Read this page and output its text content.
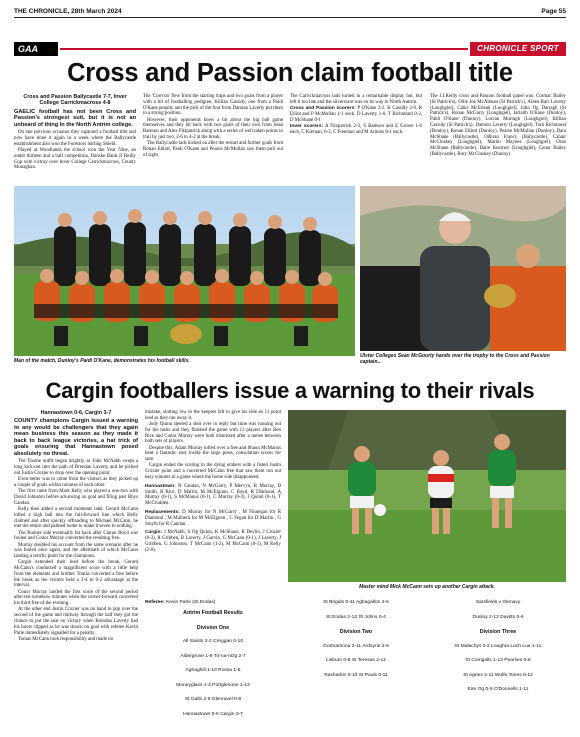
THE CHRONICLE, 28th March 2024	Page 55
GAA	CHRONICLE SPORT
Cross and Passion claim football title

Cross and Passion Ballycastle 7-7, Inver College Carrickmacross 4-8

GAELIC football has not been Cross and Passion's strongest suit, but it is not an unheard of thing in the North Antrim college.

On one previous occasion they captured a football title and now have done it again in a week where the Ballycastle establishment also won the Forestors hurling Shield.

Played at Woodlands the school won the Year Nine, an under thirteen and a half competition, Danske Bank JJ Reilly Cup with victory over Inver College Carrickmacross, County Monaghan.

The 'Corrcon' flew from the starting traps and two goals from a player with a bit of footballing pedigree, Killian Cassidy, one from a Paidi O'Kane penalty and the pick of the four from Damian Laverty put them in a strong position.

However, their opponents knew a bit about the big ball game themselves and they hit back with two goals of their own from Sean Bateson and Alex Fitzpatrick along with a series of well taken points to trail by just two, 2-6 to 4-2 at the break.

The Ballycastle lads kicked on after the restart and further goals from Ronan Elliott, Paidi O'Kane and Pearce McMullan saw them pull out of sight.

The Carrickmacross lads turned in a remarkable display but, but left it too late and the silverware was on its way to North Antrim.

Cross and Passion scorers: P O'Kane 2-2, K Cassidy 2-0, R Elliot and P McMullan 1-1 each, D Laverty 1-0, T Richmond 0-2, D McShane 0-1

Inver scorers: A Fitzpatrick 2-3, S Bateson and E Growe 1-0 each, C Kiernan, 0-3, C Freeman and M Armins 0-1 each.

The J.J.Reilly cross and Passion football panel was: Cormac Bailey (St Patrick's), Ollie Joe McAlenan (St Patrick's), Aiden Barr Laverty (Loughgiel), Cahir McErlean (Loughgiel), John Og Darragh (St Patrick's), Ronan McGarry (Loughgiel), Iarlaith O'Kane (Dunloy), Paidi O'Kane (Dunloy), Lorcan Murragh (Loughgiel), Killian Cassidy (St Patrick's), Damien Laverty (Loughgiel), Tom Richmond (Dunloy), Ronan Elliott (Dunloy), Pearse McMullan (Dunloy), Dara McShane (Ballycastle), Odhran Francy (Ballycastle), Cahair McCloskey (Loughgiel), Martin Maynes (Loughgiel), Oran McShane (Ballycastle), Daire Kearney (Loughgiel), Conor Bailey (Ballycastle), Rory McCloskey (Dunloy).

Man of the match, Dunloy's Paidi O'Kane, demonstrates his football skills.
Ulster Colleges Sean McGourty hands over the trophy to the Cross and Passion captain..
Cargin footballers issue a warning to their rivals

Hannastown 0-6, Cargin 3-7

COUNTY champions Cargin issued a warning to any would be challengers that they again mean business this season as they made it back to back league victories, a hat trick of goals ensuring that Hannastown posed absolutely no threat.

The Toome outfit began brightly as John McNabb swept a long kick-out into the path of Brendan Laverty and he picked out Justin Crozier to drop over the opening point.

Even better was to come from the visitors as they picked up a couple of goals within minutes of each other.

The first came from Mark Kelly who played a one-two with David Johnston before advancing on goal and firing past Rhys Candan.

Kelly then added a second moments later. Gerard McCann lofted a high ball into the full-forward line which Kelly claimed and after quickly offloading to Michael McCann, he met the return and palmed home to make it seven to nothing.

The Budore side eventually hit back after Ciaran Boyd was fouled and Conor Murray converted the resulting free.

Murray doubled his account from the same scenario after he was fouled once again, and the aftermath of which McCann landing a terrific point for the champions.

Cargin extended their lead before the break, Gerard McCann's conducted a magnificent score with a little help from the elements and brother Tomas converted a free before the break as the visitors held a 2-4 to 0-2 advantage at the interval.

Conor Murray landed the first score of the second period after ten somehow minutes when the corner-forward converted his third free of the evening.

At the other end Justin Crozier was on hand to pop over the second of the game and midway through the half they got the chance to put the seal on victory when Brendan Laverty had his boots clipped as he was drawn on goal with referee Kevin Parle immediately signalled for a penalty.

Tomas McCann took responsibility and made no

mistake, slotting low to the keepers left to give his side an 11 point lead as they ran away it.

Jody Quinn steered a shot over in reply but time was running out for the hosts and they finished the game with 13 players after Ben Rice and Conor Murray were both dismissed after a melee between both sets of players.

Despite this, Adam Murray lofted over a free and Shaun McManus bent a fantastic shot inside the large posts, consolation scores for sure.

Cargin ended the scoring in the dying embers with a fisted Justin Crozier point and a converted McCann free that saw them run out easy winners in a game where the home side disappointed.

Hannastown: R Candan, N McGarry, P Mervyn, R Murray, D Smith, B Rice, D Martin, M McElgunn, C Boyd, R Diamond, A Murray (0-1), S McManus (0-1), C Murray (0-3), J Quinn (0-1), T McCrudden.

Replacements: D Murray for N McGarry , M Finnegan for R Diamond , M Mulhern for M McElgunn , C Fegan for D Martin , G Smyth for R Candan.

Cargin: J McNabb, S Og Quinn, K McShane, R Devlin, J Crozier (0-3), R Gribben, B Laverty, J Garvin, G McCann (0-1), J Laverty, J Gribben, G Johnston, T McCann (1-2), M McCann (0-1), M Kelly (2-0).

Referee: Kevin Parle (St Endas)
Master mind Mick McCann sets up another Cargin attack.
Antrim Football Results
Division One
All Saints 2-2 Creggan 0-10
Aldergrove 1-9 Tir-na-nOg 2-7
Aghaghill 1-10 Rossa 1-5
Moneyglass 1-4 Portglenone 1-13
St Galls 2-9 Glenravel 0-8
Hannastown 0-6 Cargin 3-7
St Brigids 0-11 Aghagallon 2-6
St Endas 2-12 St Johns 0-4
Division Two
Gortnamona 2-11 Ardoyne 2-6
Lisburn 0-8 St Teresas 2-12
Rasharkin 0-10 St Pauls 0-11
Sarsfields v Glenavy
Dunloy 2-12 Davitts 0-6
Division Three
St Malachys 0-2 Loughra Loch Lua 1-11
St Comgalls 1-13 Pearses 0-6
St Agnes 2-11 Wolfe Tones 0-12
Eire Og 0-9 O'Donnells 1-11
